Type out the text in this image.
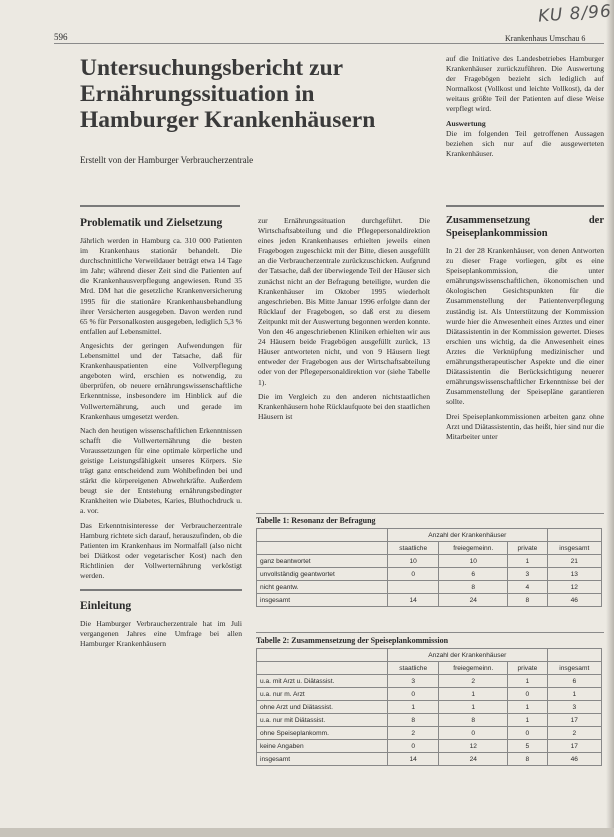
596	Krankenhaus Umschau 6
KU 8/96
Untersuchungsbericht zur Ernährungssituation in Hamburger Krankenhäusern
Erstellt von der Hamburger Verbraucherzentrale

auf die Initiative des Landesbetriebes Hamburger Krankenhäuser zurückzuführen. Die Auswertung der Fragebögen bezieht sich lediglich auf Normalkost (Vollkost und leichte Vollkost), da der weitaus größte Teil der Patienten auf diese Weise verpflegt wird.

Auswertung

Die im folgenden Teil getroffenen Aussagen beziehen sich nur auf die ausgewerteten Krankenhäuser.

Problematik und Zielsetzung

Jährlich werden in Hamburg ca. 310 000 Patienten im Krankenhaus stationär behandelt. Die durchschnittliche Verweildauer beträgt etwa 14 Tage im Jahr; während dieser Zeit sind die Patienten auf die Krankenhausverpflegung angewiesen. Rund 35 Mrd. DM hat die gesetzliche Krankenversicherung 1995 für die stationäre Krankenhausbehandlung ihrer Versicherten ausgegeben. Davon werden rund 65 % für Personalkosten ausgegeben, lediglich 5,3 % entfallen auf Lebensmittel.

Angesichts der geringen Aufwendungen für Lebensmittel und der Tatsache, daß für Krankenhauspatienten eine Vollverpflegung angeboten wird, erschien es notwendig, zu überprüfen, ob neuere ernährungswissenschaftliche Erkenntnisse, insbesondere im Hinblick auf die Vollwerternährung, auch und gerade im Krankenhaus umgesetzt werden.

Nach den heutigen wissenschaftlichen Erkenntnissen schafft die Vollwerternährung die besten Voraussetzungen für eine optimale körperliche und geistige Leistungsfähigkeit unseres Körpers. Sie trägt ganz entscheidend zum Wohlbefinden bei und stärkt die körpereigenen Abwehrkräfte. Außerdem beugt sie der Entstehung ernährungsbedingter Krankheiten wie Diabetes, Karies, Bluthochdruck u. a. vor.

Das Erkenntnisinteresse der Verbraucherzentrale Hamburg richtete sich darauf, herauszufinden, ob die Patienten im Krankenhaus im Normalfall (also nicht bei Diätkost oder vegetarischer Kost) nach den Richtlinien der Vollwerternährung verköstigt werden.

Einleitung

Die Hamburger Verbraucherzentrale hat im Juli vergangenen Jahres eine Umfrage bei allen Hamburger Krankenhäusern

zur Ernährungssituation durchgeführt. Die Wirtschaftsabteilung und die Pflegepersonaldirektion eines jeden Krankenhauses erhielten jeweils einen Fragebogen zugeschickt mit der Bitte, diesen ausgefüllt an die Verbraucherzentrale zurückzuschicken. Aufgrund der Tatsache, daß der überwiegende Teil der Häuser sich zunächst nicht an der Befragung beteiligte, wurden die Krankenhäuser im Oktober 1995 wiederholt angeschrieben. Bis Mitte Januar 1996 erfolgte dann der Rücklauf der Fragebogen, so daß erst zu diesem Zeitpunkt mit der Auswertung begonnen werden konnte. Von den 46 angeschriebenen Kliniken erhielten wir aus 24 Häusern beide Fragebögen ausgefüllt zurück, 13 Häuser antworteten nicht, und von 9 Häusern liegt entweder der Fragebogen aus der Wirtschaftsabteilung oder von der Pflegepersonaldirektion vor (siehe Tabelle 1).

Die im Vergleich zu den anderen nichtstaatlichen Krankenhäusern hohe Rücklaufquote bei den staatlichen Häusern ist

Zusammensetzung der Speiseplankommission

In 21 der 28 Krankenhäuser, von denen Antworten zu dieser Frage vorliegen, gibt es eine Speiseplankommission, die unter ernährungswissenschaftlichen, ökonomischen und ökologischen Gesichtspunkten für die Zusammenstellung der Patientenverpflegung zuständig ist. Als Unterstützung der Kommission wurde hier die Anwesenheit eines Arztes und einer Diätassistentin in der Kommission gewertet. Dieses erschien uns wichtig, da die Anwesenheit eines Arztes die Verknüpfung medizinischer und ernährungstherapeutischer Aspekte und die einer Diätassistentin die Berücksichtigung neuerer ernährungswissenschaftlicher Erkenntnisse bei der Zusammenstellung der Speisepläne garantieren sollte.

Drei Speiseplankommissionen arbeiten ganz ohne Arzt und Diätassistentin, das heißt, hier sind nur die Mitarbeiter unter

Tabelle 1: Resonanz der Befragung
	Anzahl der Krankenhäuser			
	staatliche	freiegemeinn.	private	insgesamt
ganz beantwortet	10	10	1	21
unvollständig geantwortet	0	6	3	13
nicht geantw.		8	4	12
insgesamt	14	24	8	46
Tabelle 2: Zusammensetzung der Speiseplankommission
	Anzahl der Krankenhäuser			
	staatliche	freiegemeinn.	private	insgesamt
u.a. mit Arzt u. Diätassist.	3	2	1	6
u.a. nur m. Arzt	0	1	0	1
ohne Arzt und Diätassist.	1	1	1	3
u.a. nur mit Diätassist.	8	8	1	17
ohne Speiseplankomm.	2	0	0	2
keine Angaben	0	12	5	17
insgesamt	14	24	8	46
